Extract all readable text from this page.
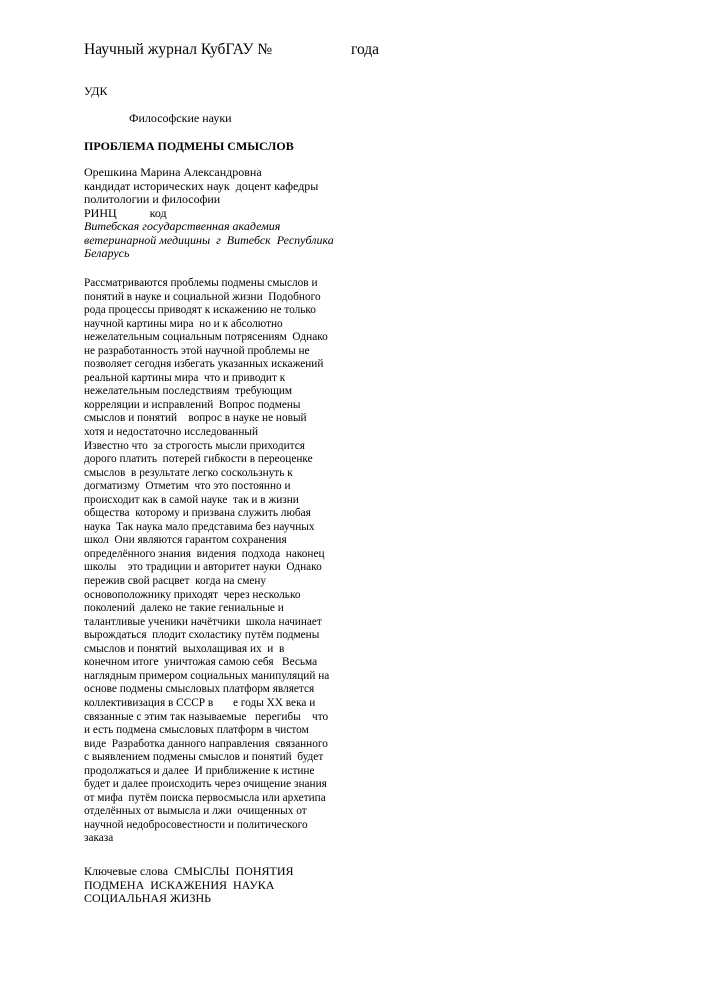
Научный журнал КубГАУ №	года
УДК
Философские науки
ПРОБЛЕМА ПОДМЕНЫ СМЫСЛОВ
Орешкина Марина Александровна
кандидат исторических наук  доцент кафедры
политологии и философии
РИНЦ           код
Витебская государственная академия
ветеринарной медицины  г  Витебск  Республика
Беларусь
Рассматриваются проблемы подмены смыслов и
понятий в науке и социальной жизни  Подобного
рода процессы приводят к искажению не только
научной картины мира  но и к абсолютно
нежелательным социальным потрясениям  Однако
не разработанность этой научной проблемы не
позволяет сегодня избегать указанных искажений
реальной картины мира  что и приводит к
нежелательным последствиям  требующим
корреляции и исправлений  Вопрос подмены
смыслов и понятий    вопрос в науке не новый
хотя и недостаточно исследованный
Известно что  за строгость мысли приходится
дорого платить  потерей гибкости в переоценке
смыслов  в результате легко соскользнуть к
догматизму  Отметим  что это постоянно и
происходит как в самой науке  так и в жизни
общества  которому и призвана служить любая
наука  Так наука мало представима без научных
школ  Они являются гарантом сохранения
определённого знания  видения  подхода  наконец
школы    это традиции и авторитет науки  Однако
пережив свой расцвет  когда на смену
основоположнику приходят  через несколько
поколений  далеко не такие гениальные и
талантливые ученики начётчики  школа начинает
вырождаться  плодит схоластику путём подмены
смыслов и понятий  выхолащивая их  и  в
конечном итоге  уничтожая самою себя   Весьма
наглядным примером социальных манипуляций на
основе подмены смысловых платформ является
коллективизация в СССР в       е годы XX века и
связанные с этим так называемые   перегибы    что
и есть подмена смысловых платформ в чистом
виде  Разработка данного направления  связанного
с выявлением подмены смыслов и понятий  будет
продолжаться и далее  И приближение к истине
будет и далее происходить через очищение знания
от мифа  путём поиска первосмысла или архетипа
отделённых от вымысла и лжи  очищенных от
научной недобросовестности и политического
заказа
Ключевые слова  СМЫСЛЫ  ПОНЯТИЯ
ПОДМЕНА  ИСКАЖЕНИЯ  НАУКА
СОЦИАЛЬНАЯ ЖИЗНЬ
